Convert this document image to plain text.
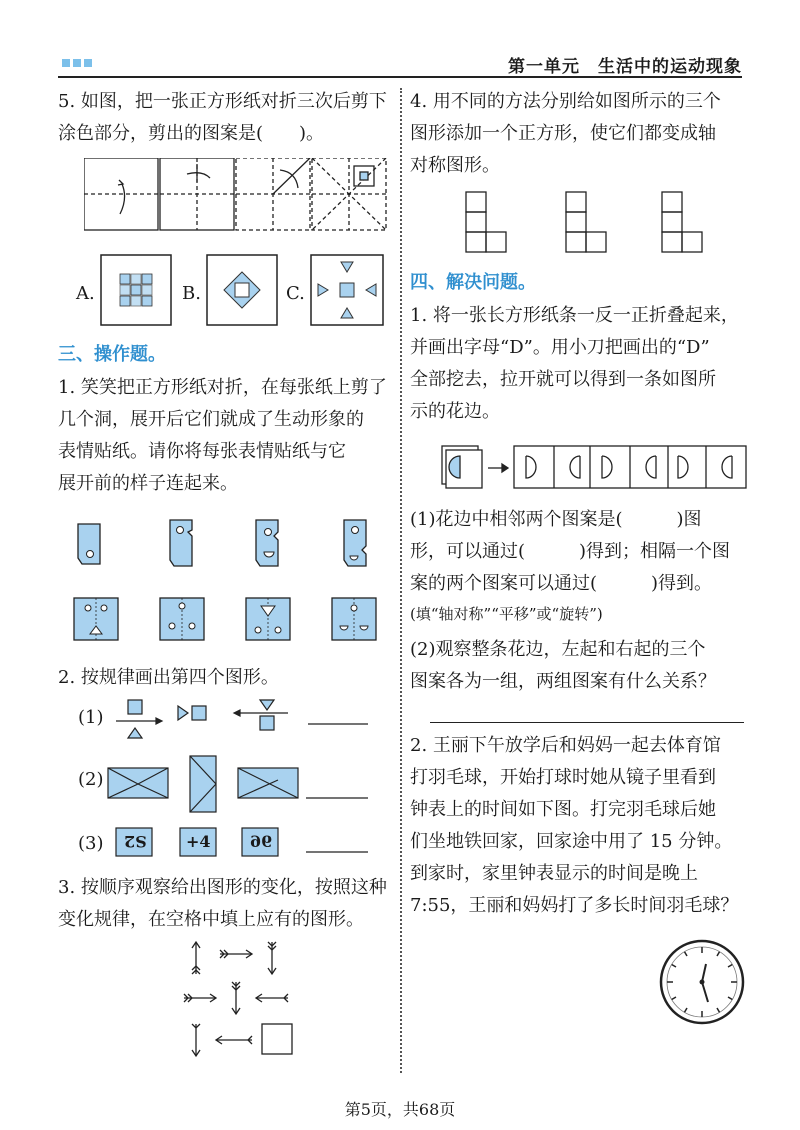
第一单元　生活中的运动现象
5. 如图，把一张正方形纸对折三次后剪下
涂色部分，剪出的图案是(　　)。
A.	B.	C.
三、操作题。
1. 笑笑把正方形纸对折，在每张纸上剪了
几个洞，展开后它们就成了生动形象的
表情贴纸。请你将每张表情贴纸与它
展开前的样子连起来。
2. 按规律画出第四个图形。
(1)
(2)
(3) S2 +4 96
3. 按顺序观察给出图形的变化，按照这种
变化规律，在空格中填上应有的图形。
4. 用不同的方法分别给如图所示的三个
图形添加一个正方形，使它们都变成轴
对称图形。
四、解决问题。
1. 将一张长方形纸条一反一正折叠起来，
并画出字母“D”。用小刀把画出的“D”
全部挖去，拉开就可以得到一条如图所
示的花边。
(1)花边中相邻两个图案是(　　　)图
形，可以通过(　　　)得到；相隔一个图
案的两个图案可以通过(　　　)得到。
(填“轴对称”“平移”或“旋转”)
(2)观察整条花边，左起和右起的三个
图案各为一组，两组图案有什么关系？
2. 王丽下午放学后和妈妈一起去体育馆
打羽毛球，开始打球时她从镜子里看到
钟表上的时间如下图。打完羽毛球后她
们坐地铁回家，回家途中用了 15 分钟。
到家时，家里钟表显示的时间是晚上
7:55，王丽和妈妈打了多长时间羽毛球？
第5页，共68页
